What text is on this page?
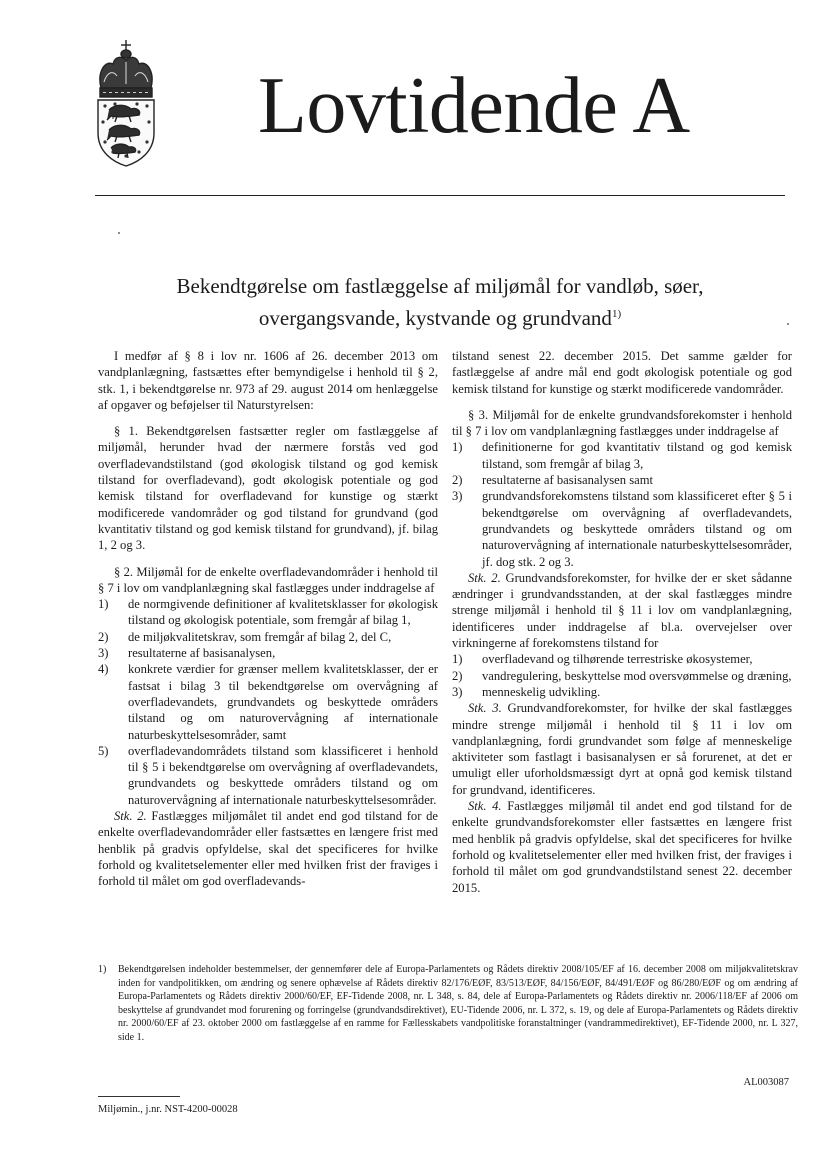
Lovtidende A
Bekendtgørelse om fastlæggelse af miljømål for vandløb, søer,
overgangsvande, kystvande og grundvand$^{1)}$

I medfør af § 8 i lov nr. 1606 af 26. december 2013 om vandplanlægning, fastsættes efter bemyndigelse i henhold til § 2, stk. 1, i bekendtgørelse nr. 973 af 29. august 2014 om henlæggelse af opgaver og beføjelser til Naturstyrelsen:

§ 1. Bekendtgørelsen fastsætter regler om fastlæggelse af miljømål, herunder hvad der nærmere forstås ved god overfladevandstilstand (god økologisk tilstand og god kemisk tilstand for overfladevand), godt økologisk potentiale og god kemisk tilstand for overfladevand for kunstige og stærkt modificerede vandområder og god tilstand for grundvand (god kvantitativ tilstand og god kemisk tilstand for grundvand), jf. bilag 1, 2 og 3.

§ 2. Miljømål for de enkelte overfladevandområder i henhold til § 7 i lov om vandplanlægning skal fastlægges under inddragelse af

1) de normgivende definitioner af kvalitetsklasser for økologisk tilstand og økologisk potentiale, som fremgår af bilag 1,
2) de miljøkvalitetskrav, som fremgår af bilag 2, del C,
3) resultaterne af basisanalysen,
4) konkrete værdier for grænser mellem kvalitetsklasser, der er fastsat i bilag 3 til bekendtgørelse om overvågning af overfladevandets, grundvandets og beskyttede områders tilstand og om naturovervågning af internationale naturbeskyttelsesområder, samt
5) overfladevandområdets tilstand som klassificeret i henhold til § 5 i bekendtgørelse om overvågning af overfladevandets, grundvandets og beskyttede områders tilstand og om naturovervågning af internationale naturbeskyttelsesområder.

Stk. 2. Fastlægges miljømålet til andet end god tilstand for de enkelte overfladevandområder eller fastsættes en længere frist med henblik på gradvis opfyldelse, skal det specificeres for hvilke forhold og kvalitetselementer eller med hvilken frist der fraviges i forhold til målet om god overfladevands-

tilstand senest 22. december 2015. Det samme gælder for fastlæggelse af andre mål end godt økologisk potentiale og god kemisk tilstand for kunstige og stærkt modificerede vandområder.

§ 3. Miljømål for de enkelte grundvandsforekomster i henhold til § 7 i lov om vandplanlægning fastlægges under inddragelse af

1) definitionerne for god kvantitativ tilstand og god kemisk tilstand, som fremgår af bilag 3,
2) resultaterne af basisanalysen samt
3) grundvandsforekomstens tilstand som klassificeret efter § 5 i bekendtgørelse om overvågning af overfladevandets, grundvandets og beskyttede områders tilstand og om naturovervågning af internationale naturbeskyttelsesområder, jf. dog stk. 2 og 3.

Stk. 2. Grundvandsforekomster, for hvilke der er sket sådanne ændringer i grundvandsstanden, at der skal fastlægges mindre strenge miljømål i henhold til § 11 i lov om vandplanlægning, identificeres under inddragelse af bl.a. overvejelser over virkningerne af forekomstens tilstand for

1) overfladevand og tilhørende terrestriske økosystemer,
2) vandregulering, beskyttelse mod oversvømmelse og dræning,
3) menneskelig udvikling.

Stk. 3. Grundvandforekomster, for hvilke der skal fastlægges mindre strenge miljømål i henhold til § 11 i lov om vandplanlægning, fordi grundvandet som følge af menneskelige aktiviteter som fastlagt i basisanalysen er så forurenet, at det er umuligt eller uforholdsmæssigt dyrt at opnå god kemisk tilstand for grundvand, identificeres.

Stk. 4. Fastlægges miljømål til andet end god tilstand for de enkelte grundvandsforekomster eller fastsættes en længere frist med henblik på gradvis opfyldelse, skal det specificeres for hvilke forhold og kvalitetselementer eller med hvilken frist, der fraviges i forhold til målet om god grundvandstilstand senest 22. december 2015.

1)	Bekendtgørelsen indeholder bestemmelser, der gennemfører dele af Europa-Parlamentets og Rådets direktiv 2008/105/EF af 16. december 2008 om miljøkvalitetskrav inden for vandpolitikken, om ændring og senere ophævelse af Rådets direktiv 82/176/EØF, 83/513/EØF, 84/156/EØF, 84/491/EØF og 86/280/EØF og om ændring af Europa-Parlamentets og Rådets direktiv 2000/60/EF, EF-Tidende 2008, nr. L 348, s. 84, dele af Europa-Parlamentets og Rådets direktiv nr. 2006/118/EF af 2006 om beskyttelse af grundvandet mod forurening og forringelse (grundvandsdirektivet), EU-Tidende 2006, nr. L 372, s. 19, og dele af Europa-Parlamentets og Rådets direktiv nr. 2000/60/EF af 23. oktober 2000 om fastlæggelse af en ramme for Fællesskabets vandpolitiske foranstaltninger (vandrammedirektivet), EF-Tidende 2000, nr. L 327, side 1.
AL003087
Miljømin., j.nr. NST-4200-00028
